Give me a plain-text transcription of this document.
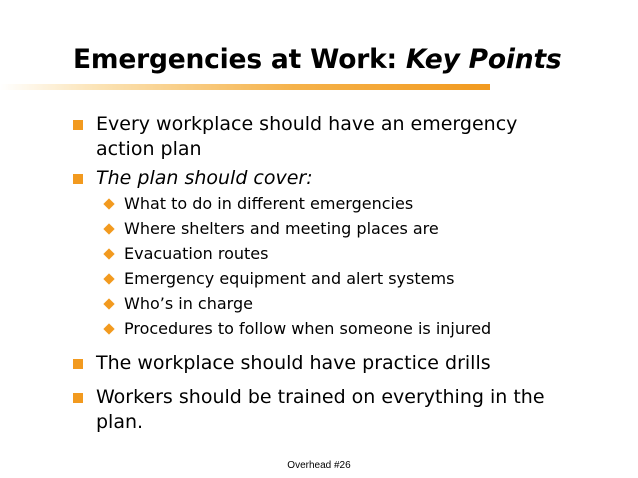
Emergencies at Work: Key Points
Every workplace should have an emergency action plan
The plan should cover:
What to do in different emergencies
Where shelters and meeting places are
Evacuation routes
Emergency equipment and alert systems
Who’s in charge
Procedures to follow when someone is injured
The workplace should have practice drills
Workers should be trained on everything in the plan.
Overhead #26
